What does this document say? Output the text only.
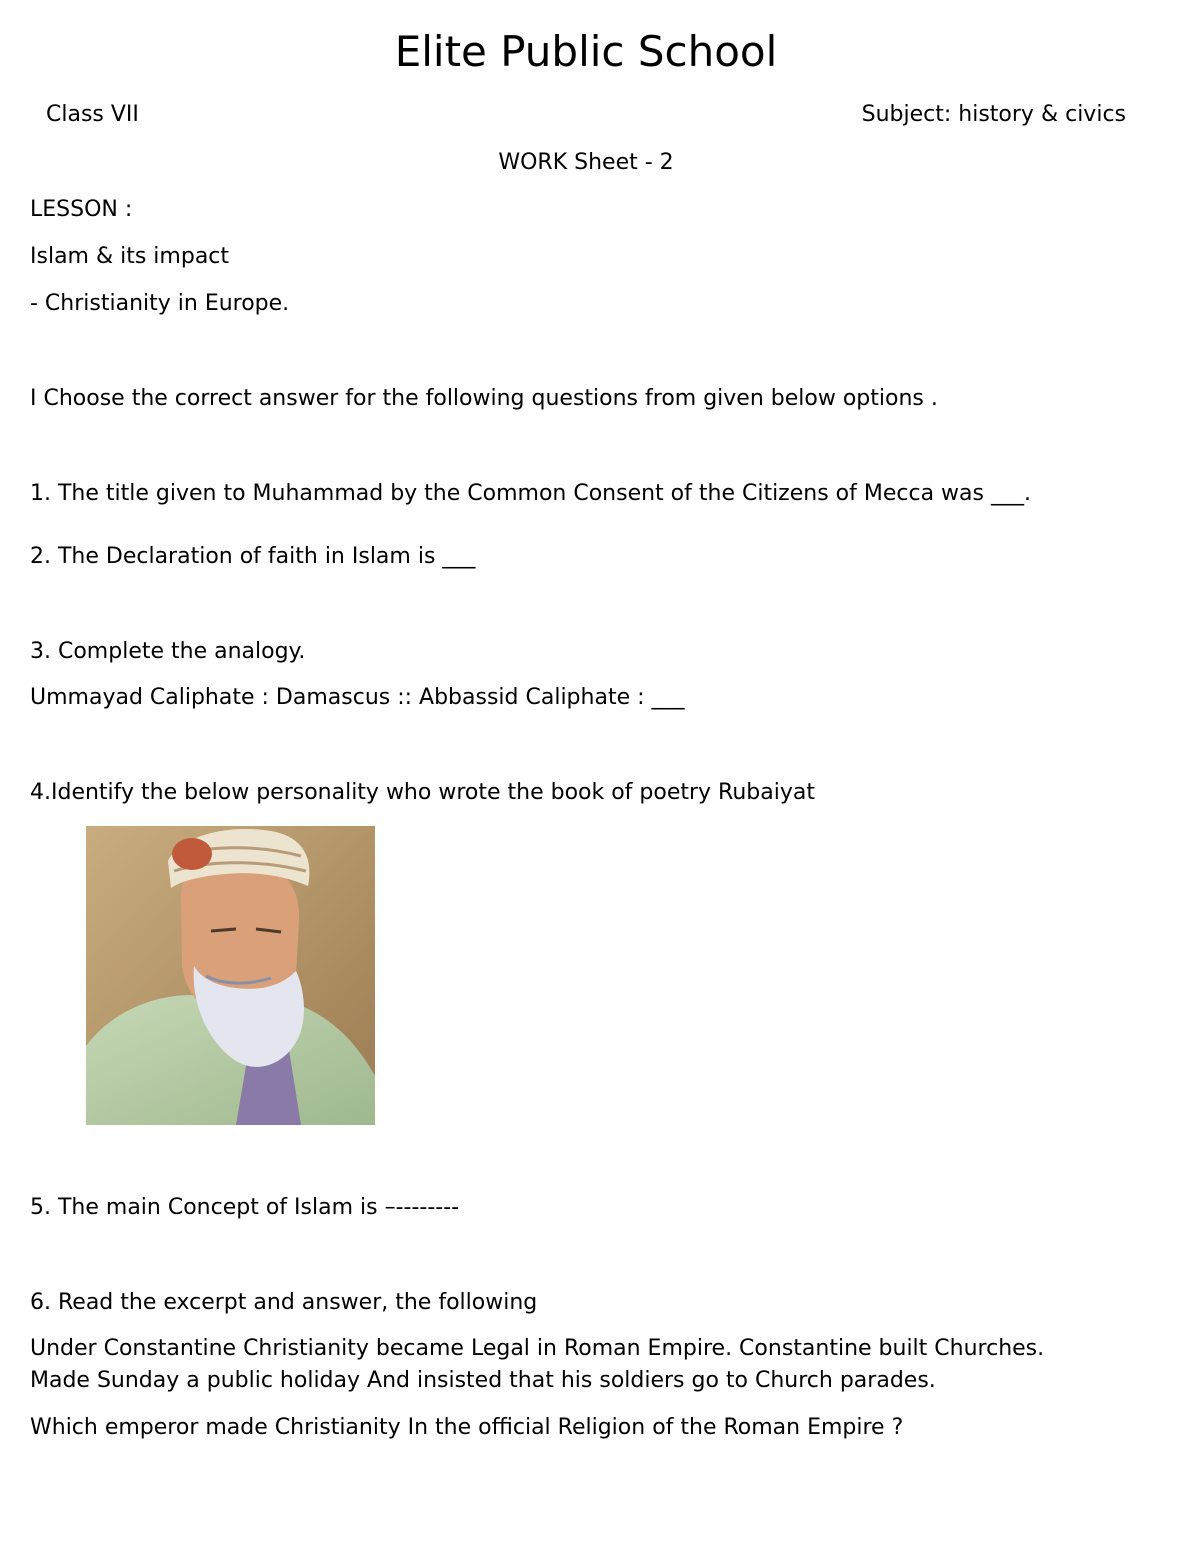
Elite Public School
Class VII	Subject: history & civics
WORK Sheet - 2
LESSON :
Islam & its impact
- Christianity in Europe.
I Choose the correct answer for the following questions from given below options .
1. The title given to Muhammad by the Common Consent of the Citizens of Mecca was ___.
2. The Declaration of faith in Islam is ___
3. Complete the analogy.
Ummayad Caliphate : Damascus :: Abbassid Caliphate : ___
4.Identify the below personality who wrote the book of poetry Rubaiyat
5. The main Concept of Islam is –--------
6. Read the excerpt and answer, the following
Under Constantine Christianity became Legal in Roman Empire. Constantine built Churches.
Made Sunday a public holiday And insisted that his soldiers go to Church parades.
Which emperor made Christianity In the official Religion of the Roman Empire ?
